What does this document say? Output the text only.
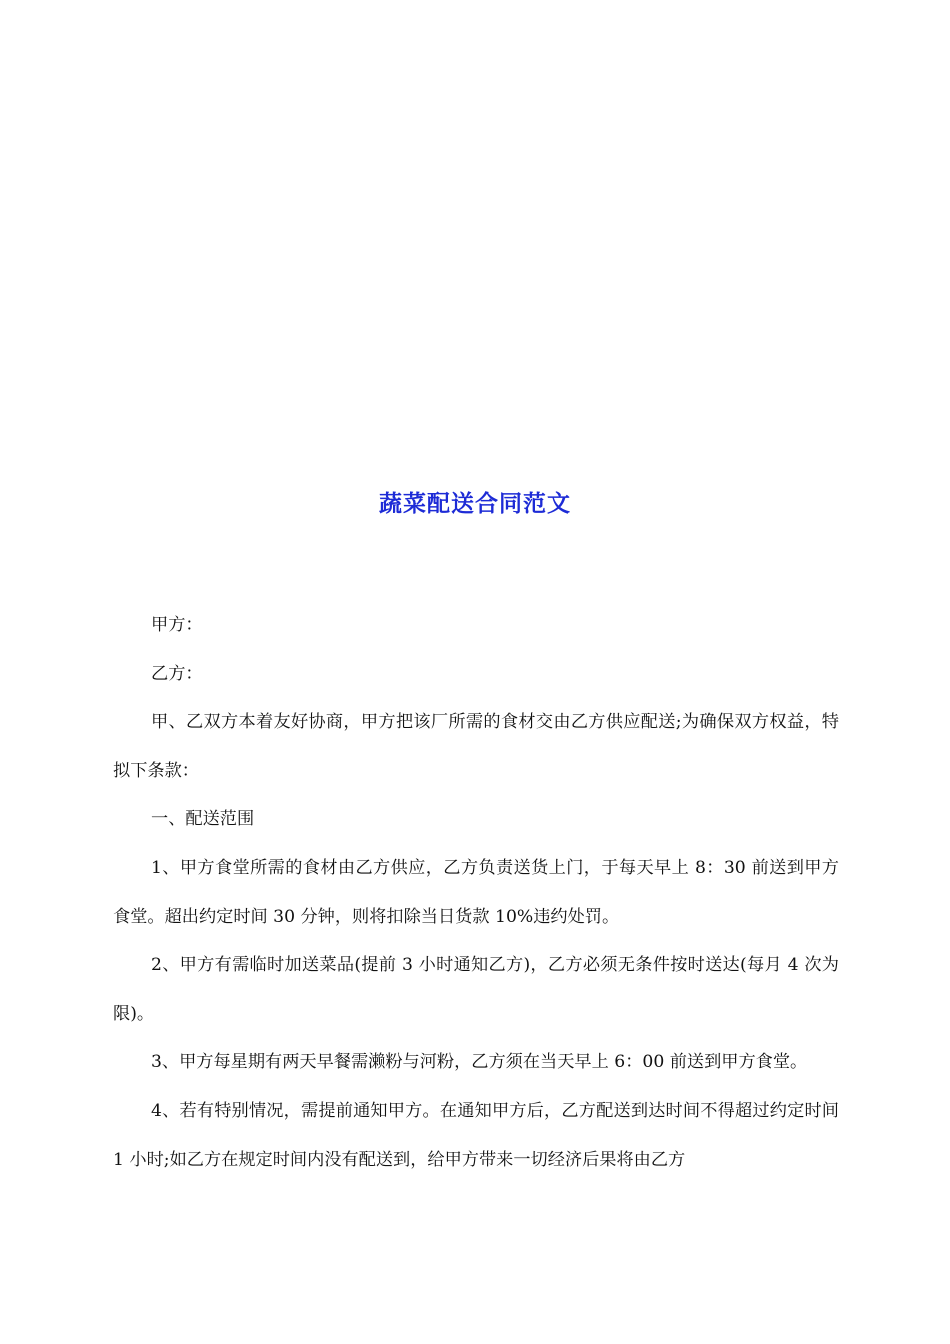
蔬菜配送合同范文

甲方：

乙方：

甲、乙双方本着友好协商，甲方把该厂所需的食材交由乙方供应配送;为确保双方权益，特拟下条款：

一、配送范围

1、甲方食堂所需的食材由乙方供应，乙方负责送货上门，于每天早上 8：30 前送到甲方食堂。超出约定时间 30 分钟，则将扣除当日货款 10%违约处罚。

2、甲方有需临时加送菜品(提前 3 小时通知乙方)，乙方必须无条件按时送达(每月 4 次为限)。

3、甲方每星期有两天早餐需濑粉与河粉，乙方须在当天早上 6：00 前送到甲方食堂。

4、若有特别情况，需提前通知甲方。在通知甲方后，乙方配送到达时间不得超过约定时间 1 小时;如乙方在规定时间内没有配送到，给甲方带来一切经济后果将由乙方
